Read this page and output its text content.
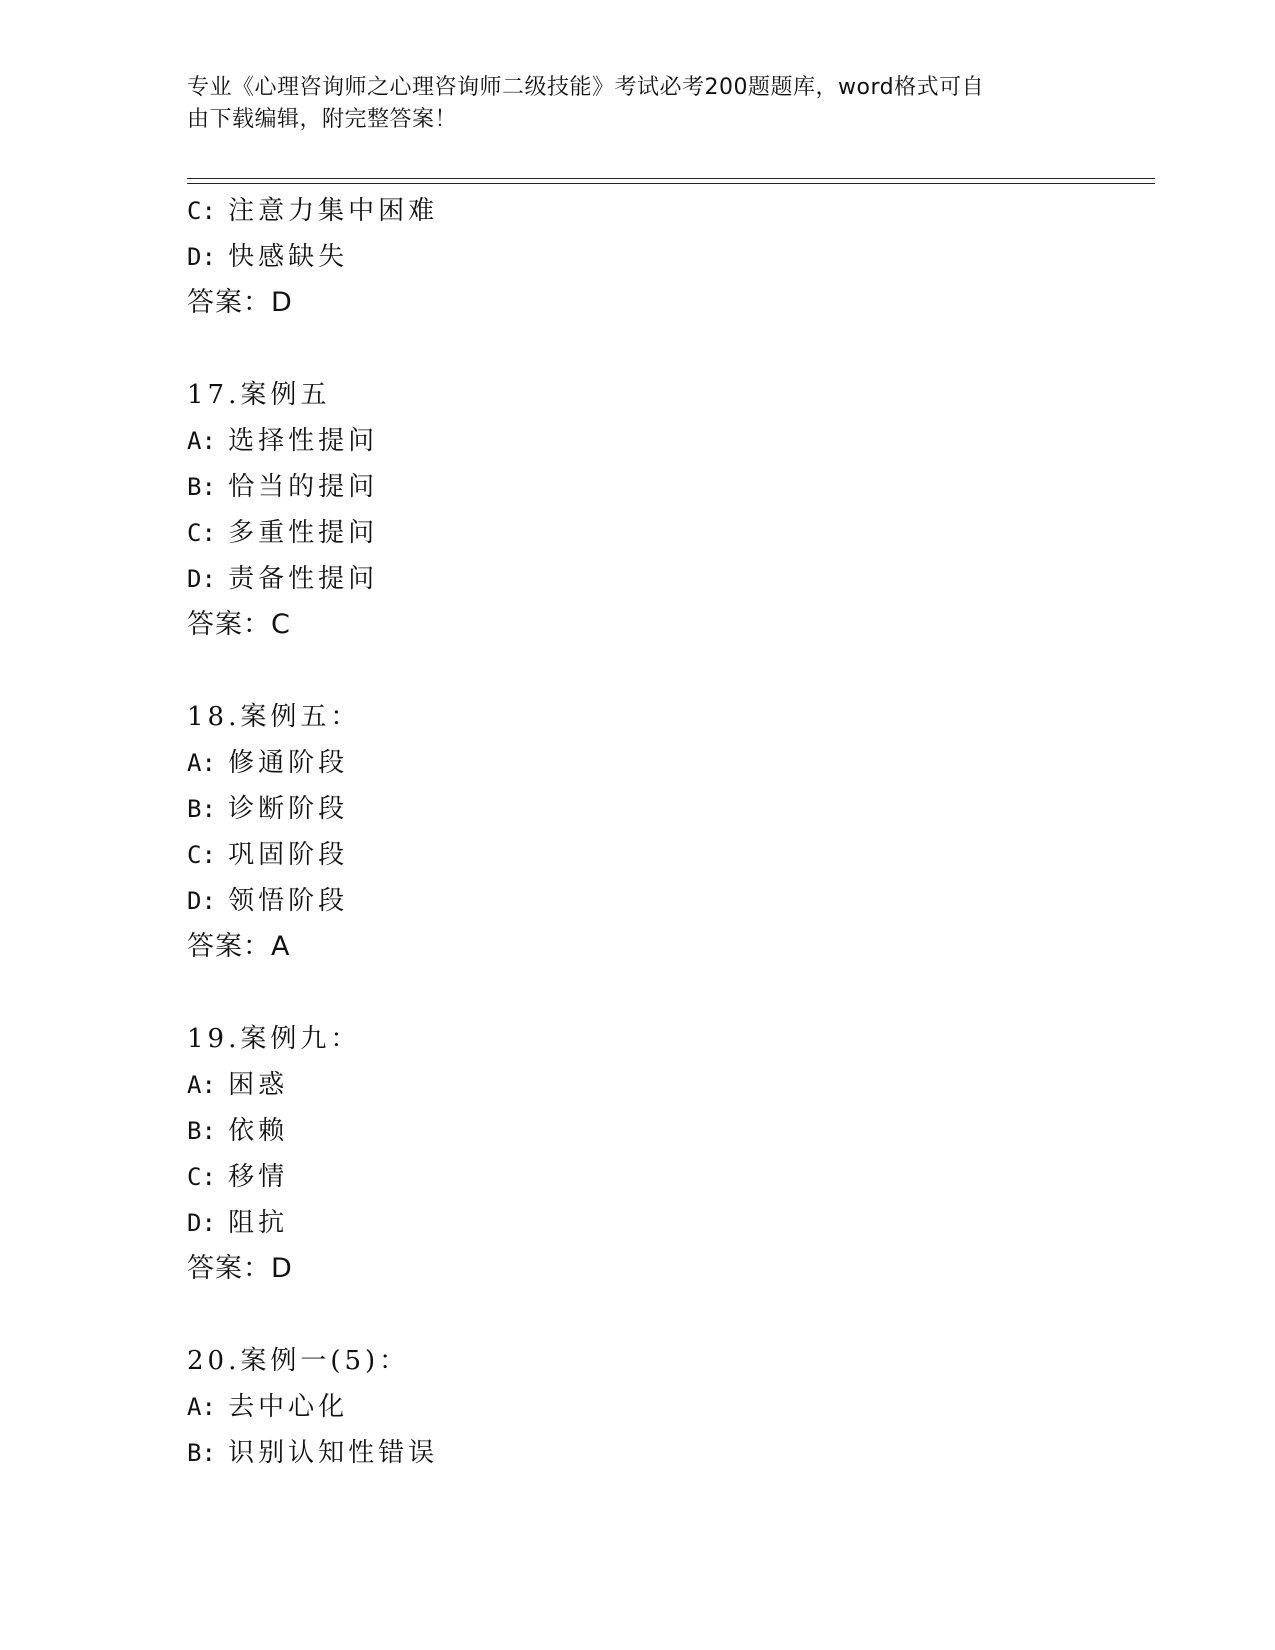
专业《心理咨询师之心理咨询师二级技能》考试必考200题题库，word格式可自
由下载编辑，附完整答案！
C: 注意力集中困难
D: 快感缺失
答案：D
17.案例五
A: 选择性提问
B: 恰当的提问
C: 多重性提问
D: 责备性提问
答案：C
18.案例五：
A: 修通阶段
B: 诊断阶段
C: 巩固阶段
D: 领悟阶段
答案：A
19.案例九：
A: 困惑
B: 依赖
C: 移情
D: 阻抗
答案：D
20.案例一(5)：
A: 去中心化
B: 识别认知性错误
